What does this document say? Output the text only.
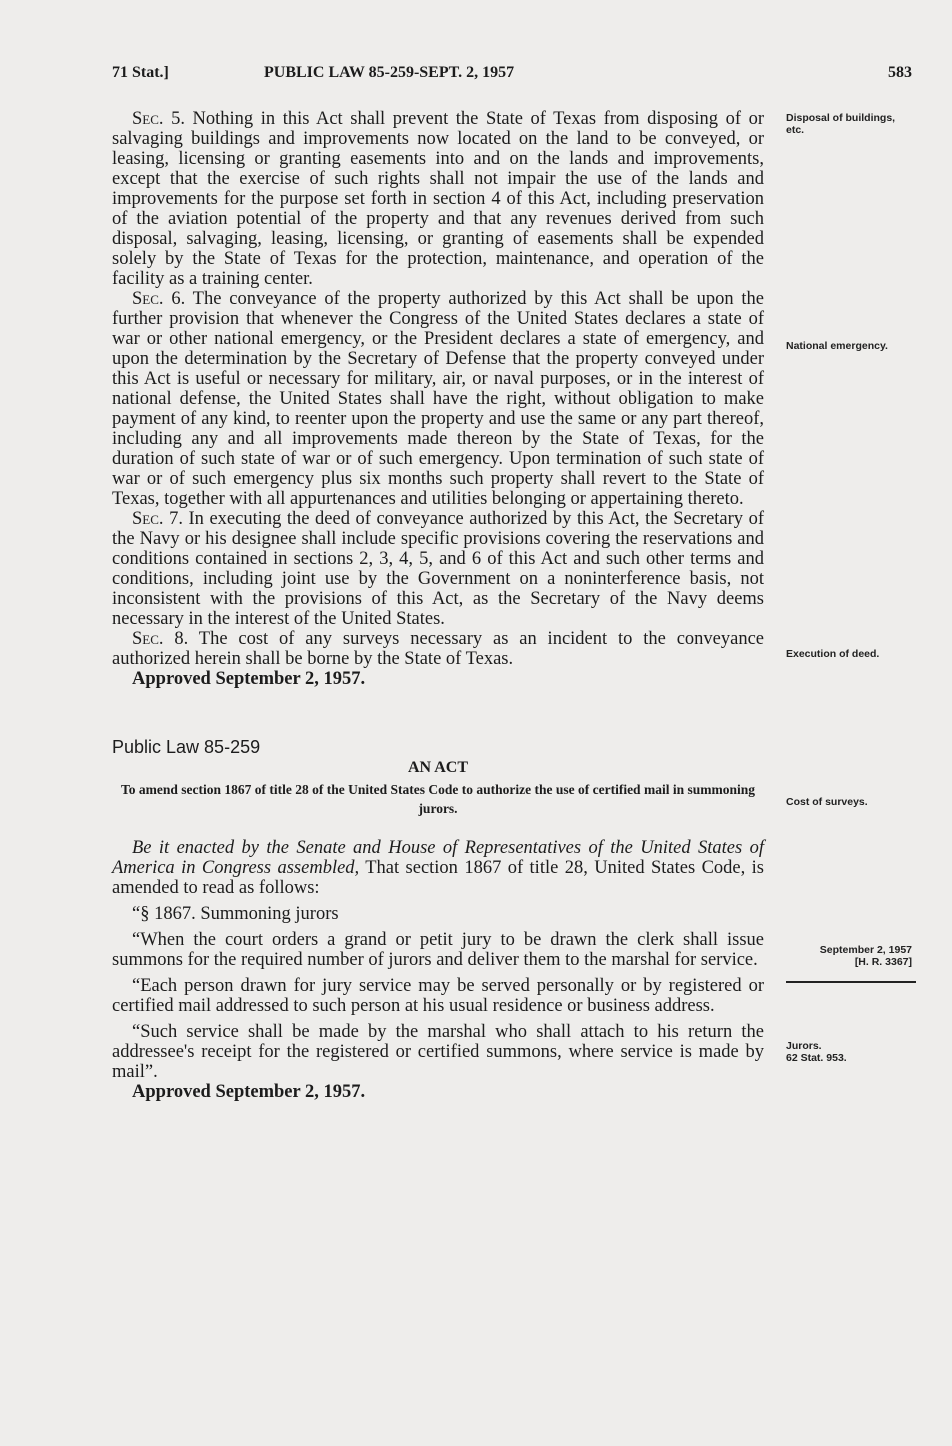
71 Stat.]	PUBLIC LAW 85-259-SEPT. 2, 1957	583

Sec. 5. Nothing in this Act shall prevent the State of Texas from disposing of or salvaging buildings and improvements now located on the land to be conveyed, or leasing, licensing or granting easements into and on the lands and improvements, except that the exercise of such rights shall not impair the use of the lands and improvements for the purpose set forth in section 4 of this Act, including preservation of the aviation potential of the property and that any revenues derived from such disposal, salvaging, leasing, licensing, or granting of easements shall be expended solely by the State of Texas for the protection, maintenance, and operation of the facility as a training center.

Sec. 6. The conveyance of the property authorized by this Act shall be upon the further provision that whenever the Congress of the United States declares a state of war or other national emergency, or the President declares a state of emergency, and upon the determination by the Secretary of Defense that the property conveyed under this Act is useful or necessary for military, air, or naval purposes, or in the interest of national defense, the United States shall have the right, without obligation to make payment of any kind, to reenter upon the property and use the same or any part thereof, including any and all improvements made thereon by the State of Texas, for the duration of such state of war or of such emergency. Upon termination of such state of war or of such emergency plus six months such property shall revert to the State of Texas, together with all appurtenances and utilities belonging or appertaining thereto.

Sec. 7. In executing the deed of conveyance authorized by this Act, the Secretary of the Navy or his designee shall include specific provisions covering the reservations and conditions contained in sections 2, 3, 4, 5, and 6 of this Act and such other terms and conditions, including joint use by the Government on a noninterference basis, not inconsistent with the provisions of this Act, as the Secretary of the Navy deems necessary in the interest of the United States.

Sec. 8. The cost of any surveys necessary as an incident to the conveyance authorized herein shall be borne by the State of Texas.

Approved September 2, 1957.

Public Law 85-259
AN ACT

To amend section 1867 of title 28 of the United States Code to authorize the use of certified mail in summoning jurors.

Be it enacted by the Senate and House of Representatives of the United States of America in Congress assembled, That section 1867 of title 28, United States Code, is amended to read as follows:

“§ 1867. Summoning jurors

“When the court orders a grand or petit jury to be drawn the clerk shall issue summons for the required number of jurors and deliver them to the marshal for service.

“Each person drawn for jury service may be served personally or by registered or certified mail addressed to such person at his usual residence or business address.

“Such service shall be made by the marshal who shall attach to his return the addressee's receipt for the registered or certified summons, where service is made by mail”.

Approved September 2, 1957.

Disposal of buildings, etc.
National emergency.
Execution of deed.
Cost of surveys.
September 2, 1957
[H. R. 3367]
Jurors.
62 Stat. 953.
